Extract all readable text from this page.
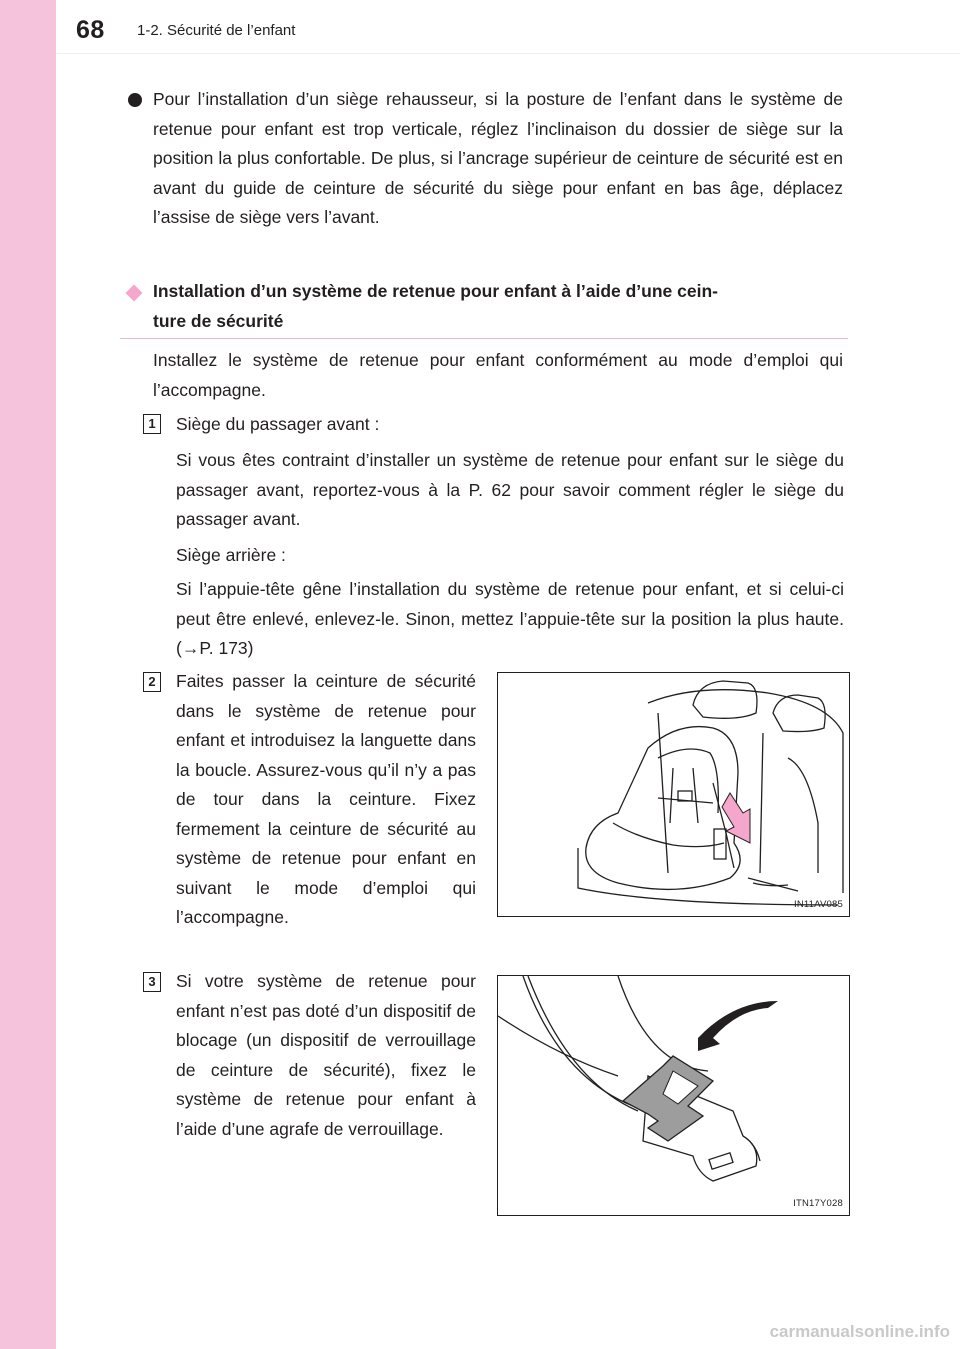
68 1-2. Sécurité de l’enfant
Pour l’installation d’un siège rehausseur, si la posture de l’enfant dans le système de retenue pour enfant est trop verticale, réglez l’inclinaison du dossier de siège sur la position la plus confortable. De plus, si l’ancrage supérieur de ceinture de sécurité est en avant du guide de ceinture de sécurité du siège pour enfant en bas âge, déplacez l’assise de siège vers l’avant.
Installation d’un système de retenue pour enfant à l’aide d’une cein-
ture de sécurité
Installez le système de retenue pour enfant conformément au mode d’emploi qui l’accompagne.
1	Siège du passager avant :
Si vous êtes contraint d’installer un système de retenue pour enfant sur le siège du passager avant, reportez-vous à la P. 62 pour savoir comment régler le siège du passager avant.
Siège arrière :
Si l’appuie-tête gêne l’installation du système de retenue pour enfant, et si celui-ci peut être enlevé, enlevez-le. Sinon, mettez l’appuie-tête sur la position la plus haute. (→P. 173)
2	Faites passer la ceinture de sécurité dans le système de retenue pour enfant et introduisez la languette dans la boucle. Assurez-vous qu’il n’y a pas de tour dans la ceinture. Fixez fermement la ceinture de sécurité au système de retenue pour enfant en suivant le mode d’emploi qui l’accompagne.
IN11AV085
3	Si votre système de retenue pour enfant n’est pas doté d’un dispositif de blocage (un dispositif de verrouillage de ceinture de sécurité), fixez le système de retenue pour enfant à l’aide d’une agrafe de verrouillage.
ITN17Y028
carmanualsonline.info
